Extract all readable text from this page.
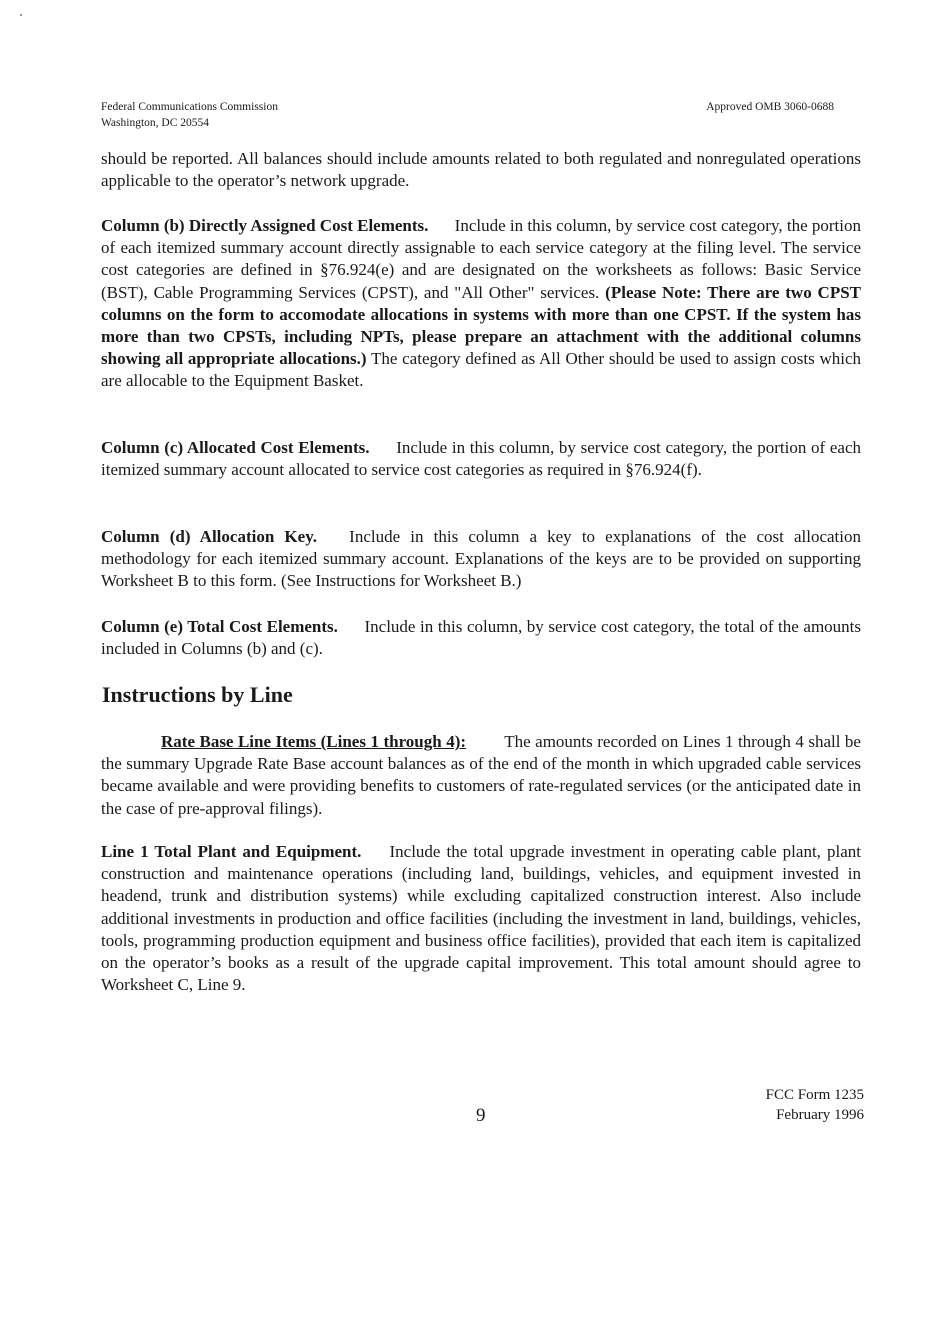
Federal Communications Commission
Washington, DC 20554
Approved OMB 3060-0688

should be reported. All balances should include amounts related to both regulated and nonregulated operations applicable to the operator’s network upgrade.

Column (b) Directly Assigned Cost Elements. Include in this column, by service cost category, the portion of each itemized summary account directly assignable to each service category at the filing level. The service cost categories are defined in §76.924(e) and are designated on the worksheets as follows: Basic Service (BST), Cable Programming Services (CPST), and "All Other" services. (Please Note: There are two CPST columns on the form to accomodate allocations in systems with more than one CPST. If the system has more than two CPSTs, including NPTs, please prepare an attachment with the additional columns showing all appropriate allocations.) The category defined as All Other should be used to assign costs which are allocable to the Equipment Basket.

Column (c) Allocated Cost Elements. Include in this column, by service cost category, the portion of each itemized summary account allocated to service cost categories as required in §76.924(f).

Column (d) Allocation Key. Include in this column a key to explanations of the cost allocation methodology for each itemized summary account. Explanations of the keys are to be provided on supporting Worksheet B to this form. (See Instructions for Worksheet B.)

Column (e) Total Cost Elements. Include in this column, by service cost category, the total of the amounts included in Columns (b) and (c).

Instructions by Line

Rate Base Line Items (Lines 1 through 4): The amounts recorded on Lines 1 through 4 shall be the summary Upgrade Rate Base account balances as of the end of the month in which upgraded cable services became available and were providing benefits to customers of rate-regulated services (or the anticipated date in the case of pre-approval filings).

Line 1 Total Plant and Equipment. Include the total upgrade investment in operating cable plant, plant construction and maintenance operations (including land, buildings, vehicles, and equipment invested in headend, trunk and distribution systems) while excluding capitalized construction interest. Also include additional investments in production and office facilities (including the investment in land, buildings, vehicles, tools, programming production equipment and business office facilities), provided that each item is capitalized on the operator’s books as a result of the upgrade capital improvement. This total amount should agree to Worksheet C, Line 9.

9
FCC Form 1235
February 1996
